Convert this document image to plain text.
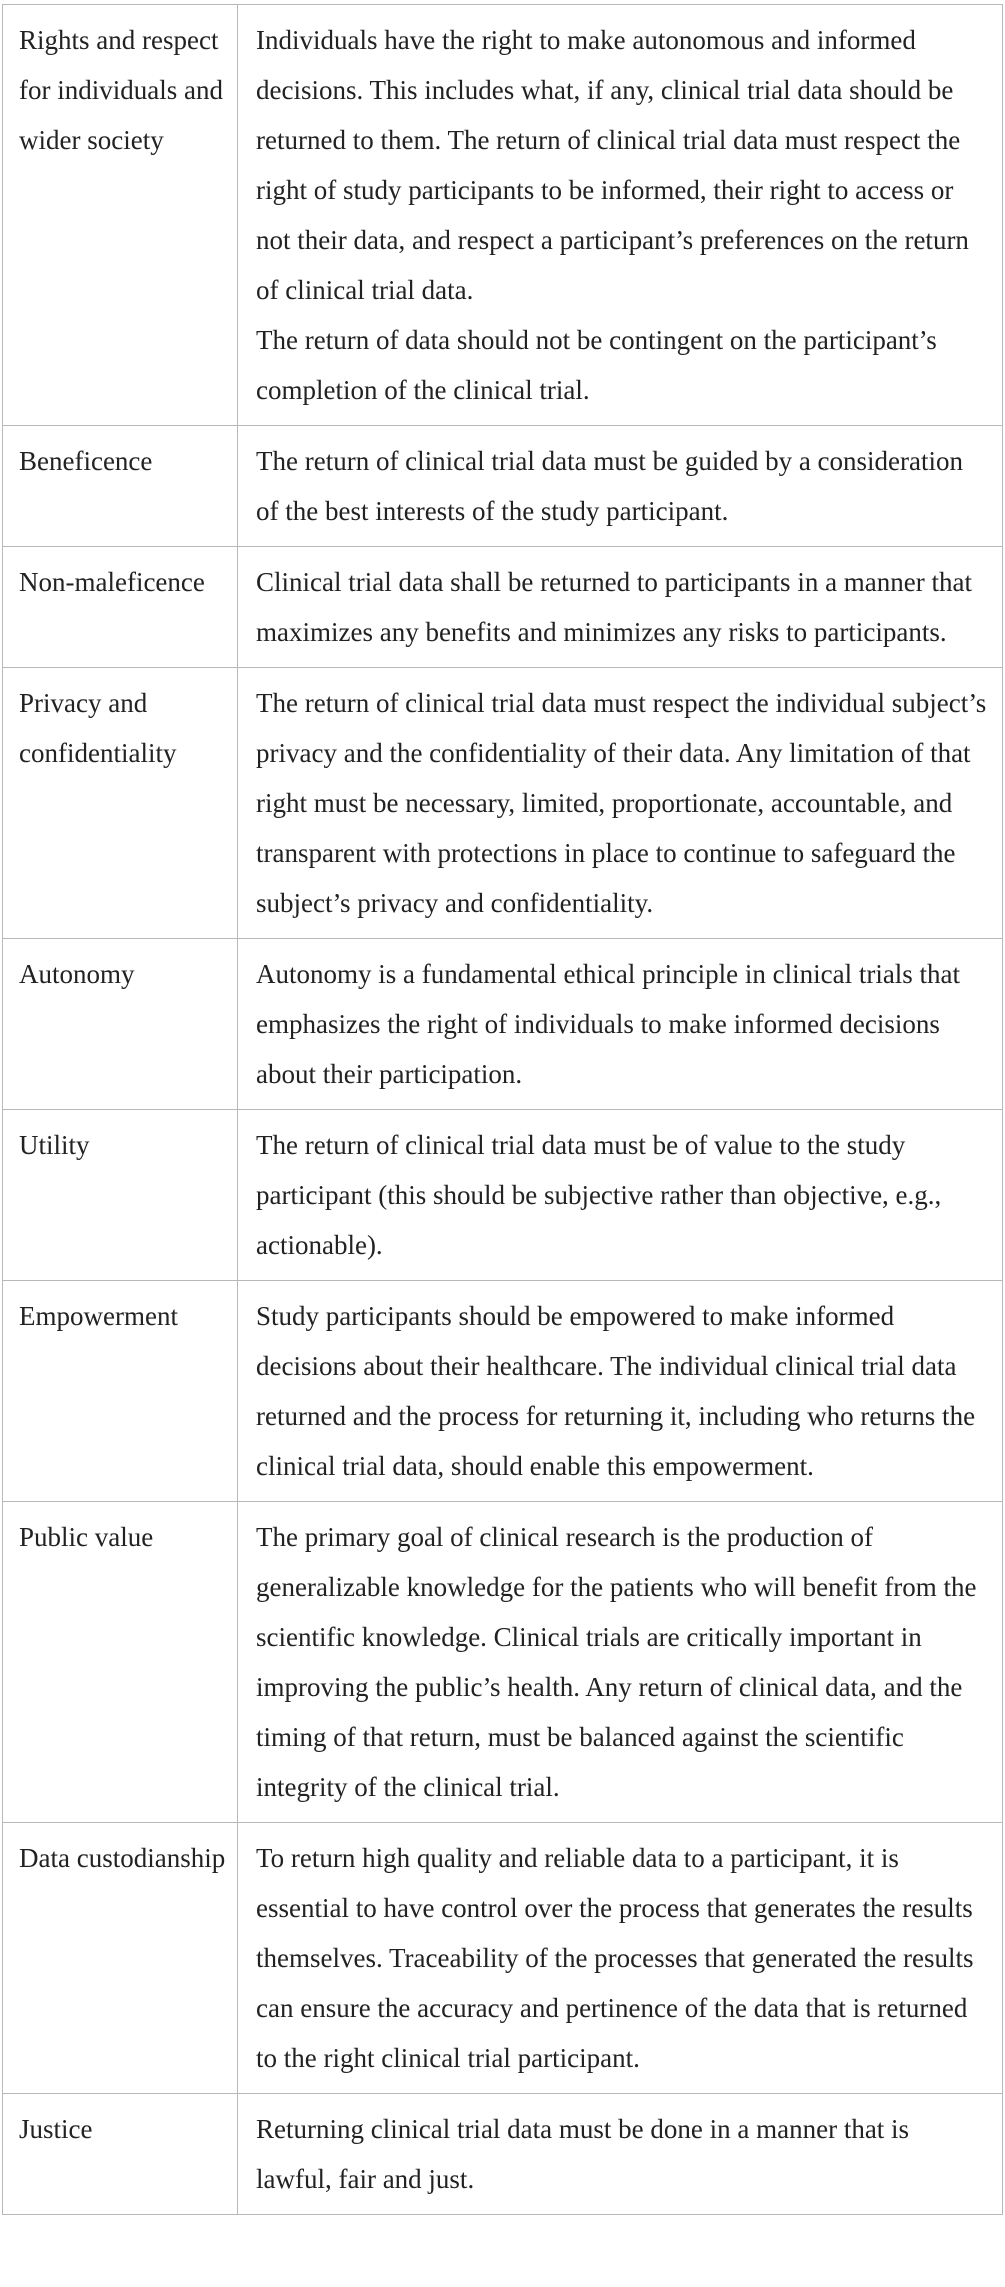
Rights and respect for individuals and wider society	Individuals have the right to make autonomous and informed decisions. This includes what, if any, clinical trial data should be returned to them. The return of clinical trial data must respect the right of study participants to be informed, their right to access or not their data, and respect a participant’s preferences on the return of clinical trial data.
The return of data should not be contingent on the participant’s completion of the clinical trial.

Beneficence	The return of clinical trial data must be guided by a consideration of the best interests of the study participant.

Non-maleficence	Clinical trial data shall be returned to participants in a manner that maximizes any benefits and minimizes any risks to participants.

Privacy and confidentiality	The return of clinical trial data must respect the individual subject’s privacy and the confidentiality of their data. Any limitation of that right must be necessary, limited, proportionate, accountable, and transparent with protections in place to continue to safeguard the subject’s privacy and confidentiality.

Autonomy	Autonomy is a fundamental ethical principle in clinical trials that emphasizes the right of individuals to make informed decisions about their participation.

Utility	The return of clinical trial data must be of value to the study participant (this should be subjective rather than objective, e.g., actionable).

Empowerment	Study participants should be empowered to make informed decisions about their healthcare. The individual clinical trial data returned and the process for returning it, including who returns the clinical trial data, should enable this empowerment.

Public value	The primary goal of clinical research is the production of generalizable knowledge for the patients who will benefit from the scientific knowledge. Clinical trials are critically important in improving the public’s health. Any return of clinical data, and the timing of that return, must be balanced against the scientific integrity of the clinical trial.

Data custodianship	To return high quality and reliable data to a participant, it is essential to have control over the process that generates the results themselves. Traceability of the processes that generated the results can ensure the accuracy and pertinence of the data that is returned to the right clinical trial participant.

Justice	Returning clinical trial data must be done in a manner that is lawful, fair and just.
